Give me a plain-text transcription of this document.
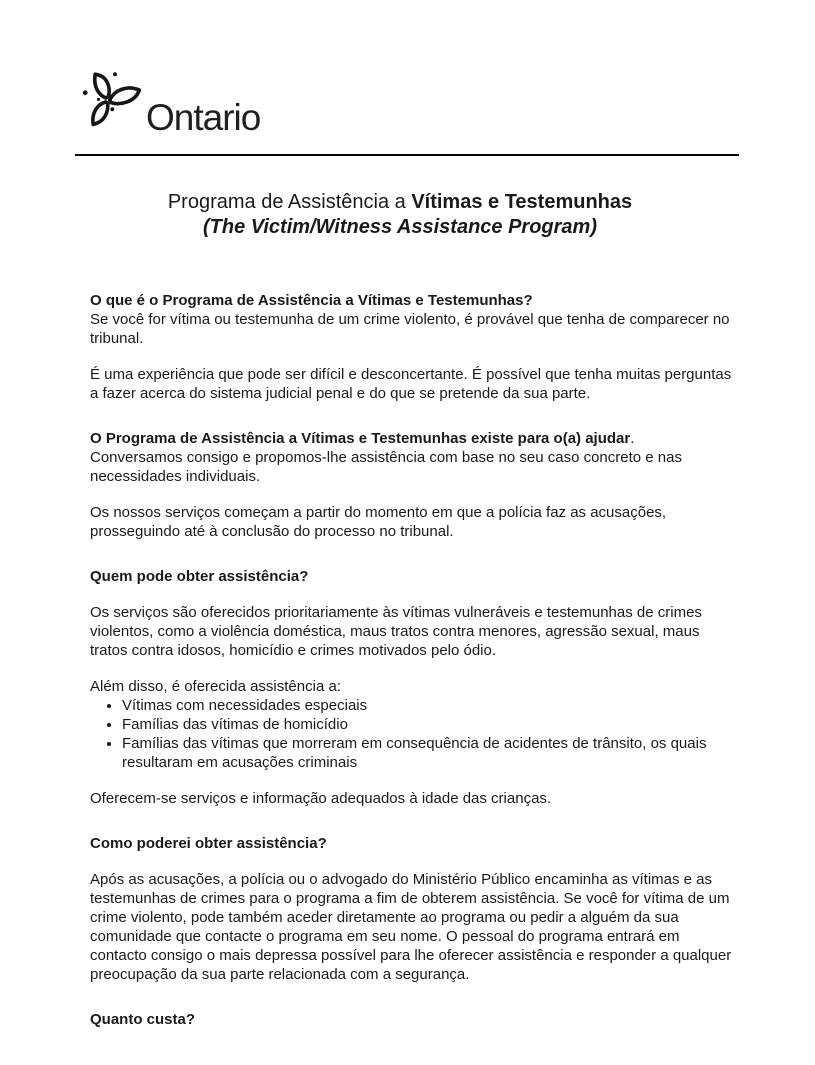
Ontario
Programa de Assistência a Vítimas e Testemunhas
(The Victim/Witness Assistance Program)

O que é o Programa de Assistência a Vítimas e Testemunhas?

Se você for vítima ou testemunha de um crime violento, é provável que tenha de comparecer no tribunal.

É uma experiência que pode ser difícil e desconcertante. É possível que tenha muitas perguntas a fazer acerca do sistema judicial penal e do que se pretende da sua parte.

O Programa de Assistência a Vítimas e Testemunhas existe para o(a) ajudar.

Conversamos consigo e propomos-lhe assistência com base no seu caso concreto e nas necessidades individuais.

Os nossos serviços começam a partir do momento em que a polícia faz as acusações, prosseguindo até à conclusão do processo no tribunal.

Quem pode obter assistência?

Os serviços são oferecidos prioritariamente às vítimas vulneráveis e testemunhas de crimes violentos, como a violência doméstica, maus tratos contra menores, agressão sexual, maus tratos contra idosos, homicídio e crimes motivados pelo ódio.

Além disso, é oferecida assistência a:

• Vítimas com necessidades especiais
• Famílias das vítimas de homicídio
• Famílias das vítimas que morreram em consequência de acidentes de trânsito, os quais resultaram em acusações criminais

Oferecem-se serviços e informação adequados à idade das crianças.

Como poderei obter assistência?

Após as acusações, a polícia ou o advogado do Ministério Público encaminha as vítimas e as testemunhas de crimes para o programa a fim de obterem assistência. Se você for vítima de um crime violento, pode também aceder diretamente ao programa ou pedir a alguém da sua comunidade que contacte o programa em seu nome. O pessoal do programa entrará em contacto consigo o mais depressa possível para lhe oferecer assistência e responder a qualquer preocupação da sua parte relacionada com a segurança.

Quanto custa?
